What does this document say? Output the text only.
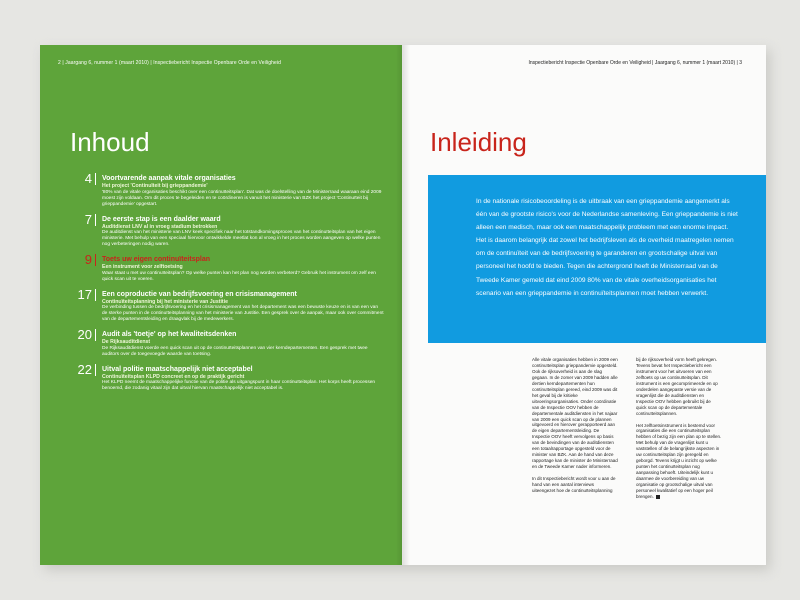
2 | Jaargang 6, nummer 1 (maart 2010) | Inspectiebericht Inspectie Openbare Orde en Veiligheid
Inhoud
4 Voortvarende aanpak vitale organisaties
Het project 'Continuïteit bij grieppandemie'
'80% van de vitale organisaties beschikt over een continuïteitsplan'. Dat was de doelstelling van de Ministerraad waaraan eind 2009 moest zijn voldaan. Om dit proces te begeleiden en te coördineren is vanuit het ministerie van BZK het project 'Continuïteit bij grieppandemie' opgestart.
7 De eerste stap is een daalder waard
Auditdienst LNV al in vroeg stadium betrokken
De auditdienst van het ministerie van LNV keek specifiek naar het totstandkomingsproces van het continuïteitsplan van het eigen ministerie. Met behulp van een speciaal hiervoor ontwikkelde meetlat kon al vroeg in het proces worden aangeven op welke punten nog verbeteringen nodig waren.
9 Toets uw eigen continuïteitsplan
Een instrument voor zelftoetsing
Waar staat u met uw continuïteitsplan? Op welke punten kan het plan nog worden verbeterd? Gebruik het instrument om zelf een quick scan uit te voeren.
17 Een coproductie van bedrijfsvoering en crisismanagement
Continuïteitsplanning bij het ministerie van Justitie
De verbinding tussen de bedrijfsvoering en het crisismanagement van het departement was een bewuste keuze en is van een van de sterke punten in de continuïteitsplanning van het ministerie van Justitie. Een gesprek over de aanpak, maar ook over commitment van de departementsleiding en draagvlak bij de medewerkers.
20 Audit als 'toetje' op het kwaliteitsdenken
De Rijksauditdienst
De Rijksauditdienst voerde een quick scan uit op de continuïteitsplannen van vier kerndepartementen. Een gesprek met twee auditors over de toegevoegde waarde van toetsing.
22 Uitval politie maatschappelijk niet acceptabel
Continuïteitsplan KLPD concreet en op de praktijk gericht
Het KLPD neemt de maatschappelijke functie van de politie als uitgangspunt in haar continuïteitsplan. Het korps heeft processen benoemd, die zodanig vitaal zijn dat uitval hiervan maatschappelijk niet acceptabel is.
Inspectiebericht Inspectie Openbare Orde en Veiligheid | Jaargang 6, nummer 1 (maart 2010) | 3
Inleiding

In de nationale risicobeoordeling is de uitbraak van een grieppandemie aangemerkt als één van de grootste risico's voor de Nederlandse samenleving. Een grieppandemie is niet alleen een medisch, maar ook een maatschappelijk probleem met een enorme impact. Het is daarom belangrijk dat zowel het bedrijfsleven als de overheid maatregelen nemen om de continuïteit van de bedrijfsvoering te garanderen en grootschalige uitval van personeel het hoofd te bieden. Tegen die achtergrond heeft de Ministerraad van de Tweede Kamer gemeld dat eind 2009 80% van de vitale overheidsorganisaties het scenario van een grieppandemie in continuïteitsplannen moet hebben verwerkt.

Alle vitale organisaties hebben in 2009 een continuïteitsplan grieppandemie opgesteld. Ook de rijksoverheid is aan de slag gegaan. In de zomer van 2009 hadden alle dertien kerndepartementen hun continuïteitsplan gereed, eind 2009 was dit het geval bij de kritieke uitvoeringsorganisaties. Onder coördinatie van de Inspectie OOV hebben de departementale auditdiensten in het najaar van 2009 een quick scan op de plannen uitgevoerd en hierover gerapporteerd aan de eigen departementsleiding. De Inspectie OOV heeft vervolgens op basis van de bevindingen van de auditdiensten een totaalrapportage opgesteld voor de minister van BZK. Aan de hand van deze rapportage kan de minister de Ministerraad en de Tweede Kamer nader informeren.

In dit Inspectiebericht wordt voor u aan de hand van een aantal interviews uiteengezet hoe de continuïteitsplanning

bij de rijksoverheid vorm heeft gekregen. Tevens bevat het Inspectiebericht een instrument voor het uitvoeren van een zelftoets op uw continuïteitsplan. Dit instrument is een gecomprimeerde en op onderdelen aangepaste versie van de vragenlijst die de auditdiensten en Inspectie OOV hebben gebruikt bij de quick scan op de departementale continuïteitsplannen.

Het zelftoetsinstrument is bestemd voor organisaties die een continuïteitsplan hebben of bezig zijn een plan op te stellen. Met behulp van de vragenlijst kunt u vaststellen of de belangrijkste aspecten in uw continuïteitsplan zijn geregeld en geborgd. Tevens krijgt u inzicht op welke punten het continuïteitsplan nog aanpassing behoeft. Uiteindelijk kunt u daarmee de voorbereiding van uw organisatie op grootschalige uitval van personeel kwalitatief op een hoger peil brengen.
